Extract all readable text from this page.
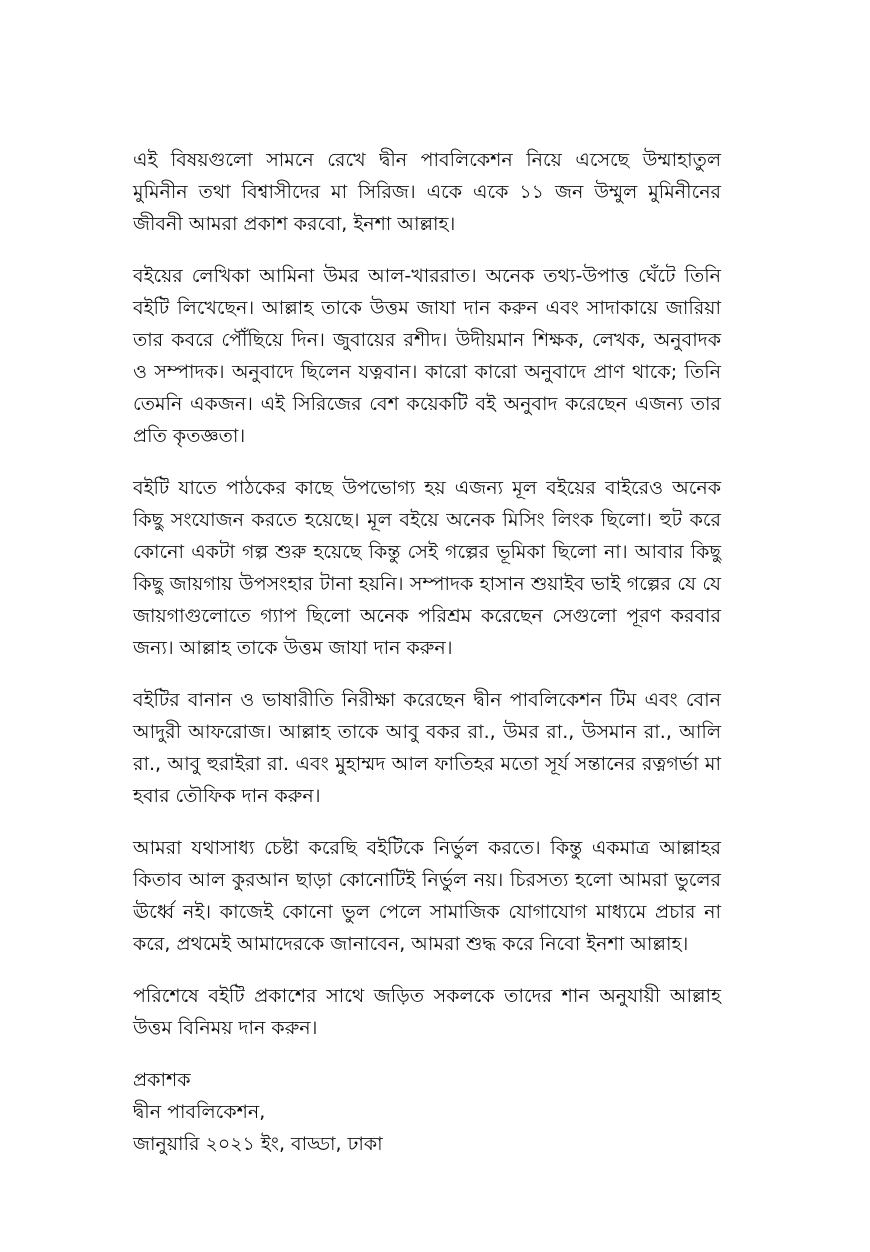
এই বিষয়গুলো সামনে রেখে দ্বীন পাবলিকেশন নিয়ে এসেছে উম্মাহাতুল মুমিনীন তথা বিশ্বাসীদের মা সিরিজ। একে একে ১১ জন উম্মুল মুমিনীনের জীবনী আমরা প্রকাশ করবো, ইনশা আল্লাহ।

বইয়ের লেখিকা আমিনা উমর আল-খাররাত। অনেক তথ্য-উপাত্ত ঘেঁটে তিনি বইটি লিখেছেন। আল্লাহ তাকে উত্তম জাযা দান করুন এবং সাদাকায়ে জারিয়া তার কবরে পৌঁছিয়ে দিন। জুবায়ের রশীদ। উদীয়মান শিক্ষক, লেখক, অনুবাদক ও সম্পাদক। অনুবাদে ছিলেন যত্নবান। কারো কারো অনুবাদে প্রাণ থাকে; তিনি তেমনি একজন। এই সিরিজের বেশ কয়েকটি বই অনুবাদ করেছেন এজন্য তার প্রতি কৃতজ্ঞতা।

বইটি যাতে পাঠকের কাছে উপভোগ্য হয় এজন্য মূল বইয়ের বাইরেও অনেক কিছু সংযোজন করতে হয়েছে। মূল বইয়ে অনেক মিসিং লিংক ছিলো। হুট করে কোনো একটা গল্প শুরু হয়েছে কিন্তু সেই গল্পের ভূমিকা ছিলো না। আবার কিছু কিছু জায়গায় উপসংহার টানা হয়নি। সম্পাদক হাসান শুয়াইব ভাই গল্পের যে যে জায়গাগুলোতে গ্যাপ ছিলো অনেক পরিশ্রম করেছেন সেগুলো পূরণ করবার জন্য। আল্লাহ তাকে উত্তম জাযা দান করুন।

বইটির বানান ও ভাষারীতি নিরীক্ষা করেছেন দ্বীন পাবলিকেশন টিম এবং বোন আদুরী আফরোজ। আল্লাহ তাকে আবু বকর রা., উমর রা., উসমান রা., আলি রা., আবু হুরাইরা রা. এবং মুহাম্মদ আল ফাতিহর মতো সূর্য সন্তানের রত্নগর্ভা মা হবার তৌফিক দান করুন।

আমরা যথাসাধ্য চেষ্টা করেছি বইটিকে নির্ভুল করতে। কিন্তু একমাত্র আল্লাহর কিতাব আল কুরআন ছাড়া কোনোটিই নির্ভুল নয়। চিরসত্য হলো আমরা ভুলের ঊর্ধ্বে নই। কাজেই কোনো ভুল পেলে সামাজিক যোগাযোগ মাধ্যমে প্রচার না করে, প্রথমেই আমাদেরকে জানাবেন, আমরা শুদ্ধ করে নিবো ইনশা আল্লাহ।

পরিশেষে বইটি প্রকাশের সাথে জড়িত সকলকে তাদের শান অনুযায়ী আল্লাহ উত্তম বিনিময় দান করুন।

প্রকাশক
দ্বীন পাবলিকেশন,
জানুয়ারি ২০২১ ইং, বাড্ডা, ঢাকা
